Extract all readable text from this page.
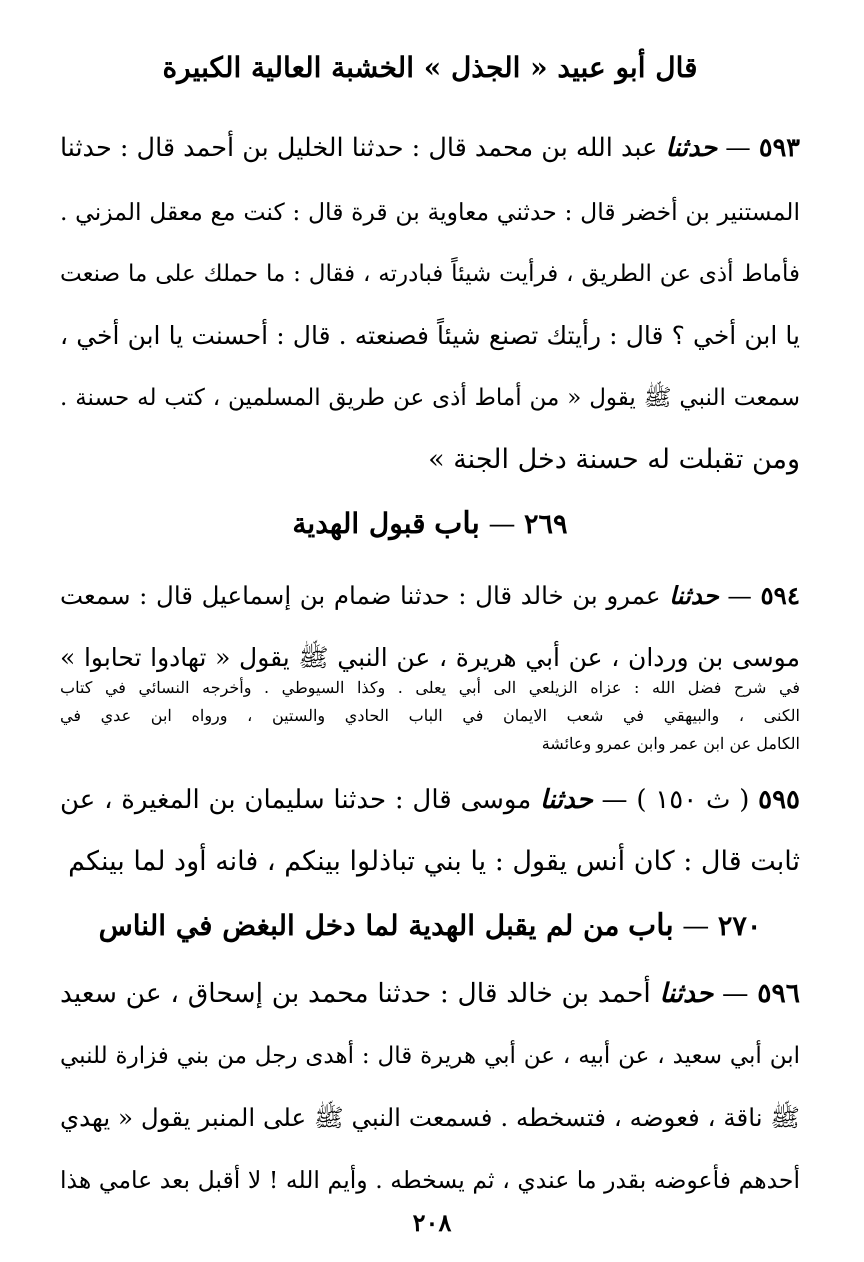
قال أبو عبيد « الجذل » الخشبة العالية الكبيرة
٥٩٣ — حدثنا عبد الله بن محمد قال : حدثنا الخليل بن أحمد قال : حدثنا
المستنير بن أخضر قال : حدثني معاوية بن قرة قال : كنت مع معقل المزني .
فأماط أذى عن الطريق ، فرأيت شيئاً فبادرته ، فقال : ما حملك على ما صنعت
يا ابن أخي ؟ قال : رأيتك تصنع شيئاً فصنعته . قال : أحسنت يا ابن أخي ،
سمعت النبي ﷺ يقول « من أماط أذى عن طريق المسلمين ، كتب له حسنة .
ومن تقبلت له حسنة دخل الجنة »
٢٦٩ — باب قبول الهدية
٥٩٤ — حدثنا عمرو بن خالد قال : حدثنا ضمام بن إسماعيل قال : سمعت
موسى بن وردان ، عن أبي هريرة ، عن النبي ﷺ يقول « تهادوا تحابوا »
في شرح فضل الله : عزاه الزيلعي الى أبي يعلى . وكذا السيوطي . وأخرجه النسائي في كتاب
الكنى ، والبيهقي في شعب الايمان في الباب الحادي والستين ، ورواه ابن عدي في
الكامل عن ابن عمر وابن عمرو وعائشة
٥٩٥ ( ث ١٥٠ ) — حدثنا موسى قال : حدثنا سليمان بن المغيرة ، عن
ثابت قال : كان أنس يقول : يا بني تباذلوا بينكم ، فانه أود لما بينكم
٢٧٠ — باب من لم يقبل الهدية لما دخل البغض في الناس
٥٩٦ — حدثنا أحمد بن خالد قال : حدثنا محمد بن إسحاق ، عن سعيد
ابن أبي سعيد ، عن أبيه ، عن أبي هريرة قال : أهدى رجل من بني فزارة للنبي
ﷺ ناقة ، فعوضه ، فتسخطه . فسمعت النبي ﷺ على المنبر يقول « يهدي
أحدهم فأعوضه بقدر ما عندي ، ثم يسخطه . وأيم الله ! لا أقبل بعد عامي هذا
٢٠٨
